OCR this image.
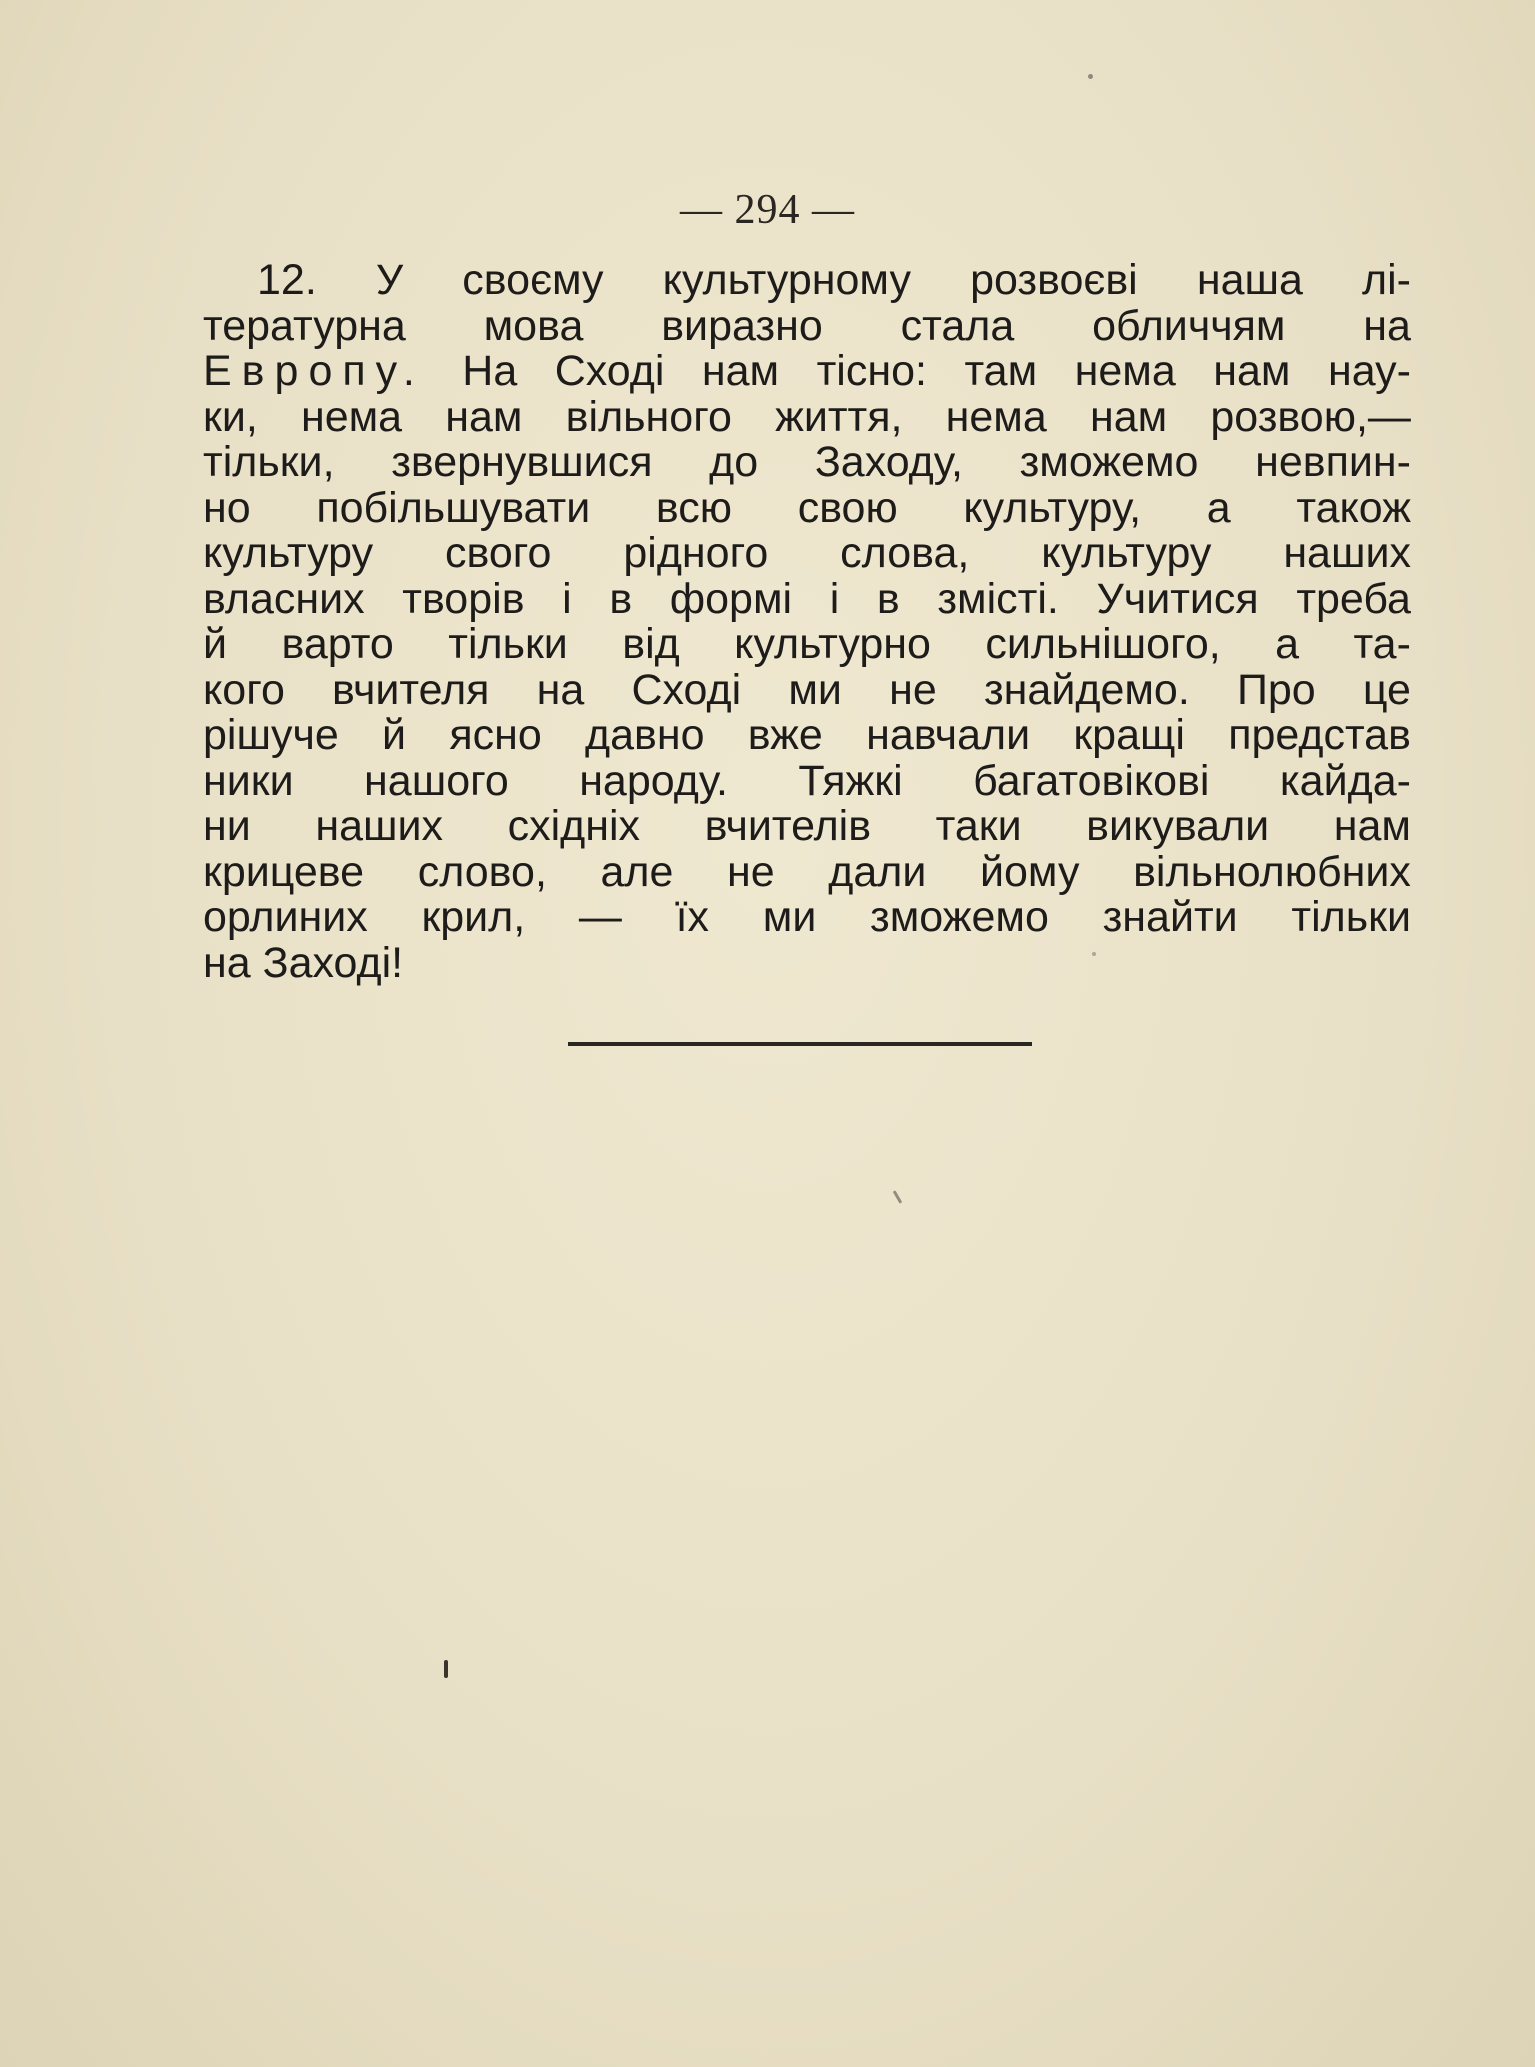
— 294 —
12. У своєму культурному розвоєві наша лі-
тературна мова виразно стала обличчям на
Европу. На Сході нам тісно: там нема нам нау-
ки, нема нам вільного життя, нема нам розвою,—
тільки, звернувшися до Заходу, зможемо невпин-
но побільшувати всю свою культуру, а також
культуру свого рідного слова, культуру наших
власних творів і в формі і в змісті. Учитися треба
й варто тільки від культурно сильнішого, а та-
кого вчителя на Сході ми не знайдемо. Про це
рішуче й ясно давно вже навчали кращі представ
ники нашого народу. Тяжкі багатовікові кайда-
ни наших східніх вчителів таки викували нам
крицеве слово, але не дали йому вільнолюбних
орлиних крил, — їх ми зможемо знайти тільки
на
Заході!
